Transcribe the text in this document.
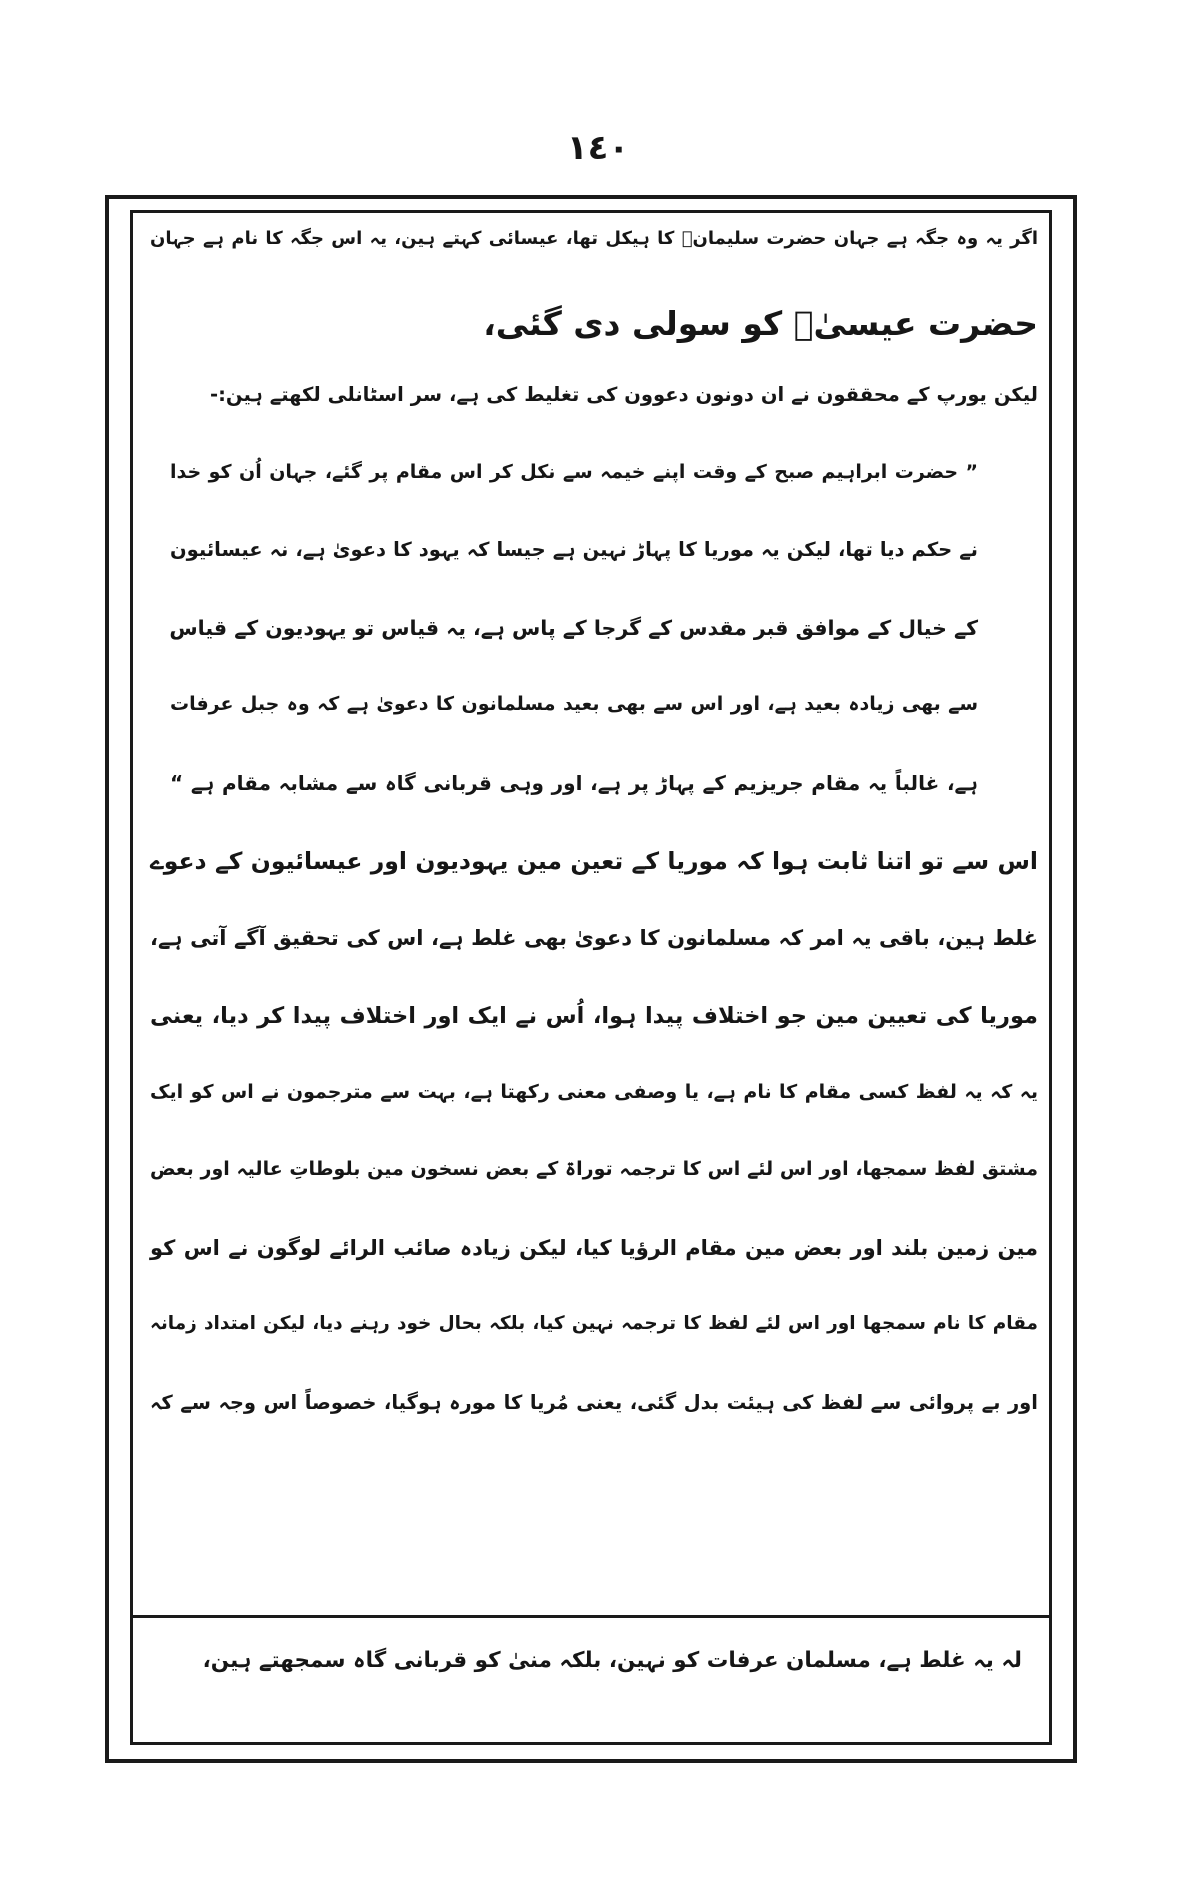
١٤٠
اگر یہ وہ جگہ ہے جہان حضرت سلیمانؑ کا ہیکل تھا، عیسائی کہتے ہین، یہ اس جگہ کا نام ہے جہان
حضرت عیسیٰؑ کو سولی دی گئی،
لیکن یورپ کے محققون نے ان دونون دعوون کی تغلیط کی ہے، سر اسٹانلی لکھتے ہین:-
” حضرت ابراہیم صبح کے وقت اپنے خیمہ سے نکل کر اس مقام پر گئے، جہان اُن کو خدا
نے حکم دیا تھا، لیکن یہ موریا کا پہاڑ نہین ہے جیسا کہ یہود کا دعویٰ ہے، نہ عیسائیون
کے خیال کے موافق قبر مقدس کے گرجا کے پاس ہے، یہ قیاس تو یہودیون کے قیاس
سے بھی زیادہ بعید ہے، اور اس سے بھی بعید مسلمانون کا دعویٰ ہے کہ وہ جبل عرفات
ہے، غالباً یہ مقام جریزیم کے پہاڑ پر ہے، اور وہی قربانی گاہ سے مشابہ مقام ہے “
اس سے تو اتنا ثابت ہوا کہ موریا کے تعین مین یہودیون اور عیسائیون کے دعوے
غلط ہین، باقی یہ امر کہ مسلمانون کا دعویٰ بھی غلط ہے، اس کی تحقیق آگے آتی ہے،
موریا کی تعیین مین جو اختلاف پیدا ہوا، اُس نے ایک اور اختلاف پیدا کر دیا، یعنی
یہ کہ یہ لفظ کسی مقام کا نام ہے، یا وصفی معنی رکھتا ہے، بہت سے مترجمون نے اس کو ایک
مشتق لفظ سمجھا، اور اس لئے اس کا ترجمہ توراۃ کے بعض نسخون مین بلوطاتِ عالیہ اور بعض
مین زمین بلند اور بعض مین مقام الرؤیا کیا، لیکن زیادہ صائب الرائے لوگون نے اس کو
مقام کا نام سمجھا اور اس لئے لفظ کا ترجمہ نہین کیا، بلکہ بحال خود رہنے دیا، لیکن امتداد زمانہ
اور بے پروائی سے لفظ کی ہیئت بدل گئی، یعنی مُریا کا مورہ ہوگیا، خصوصاً اس وجہ سے کہ
لہ یہ غلط ہے، مسلمان عرفات کو نہین، بلکہ منیٰ کو قربانی گاہ سمجھتے ہین،
